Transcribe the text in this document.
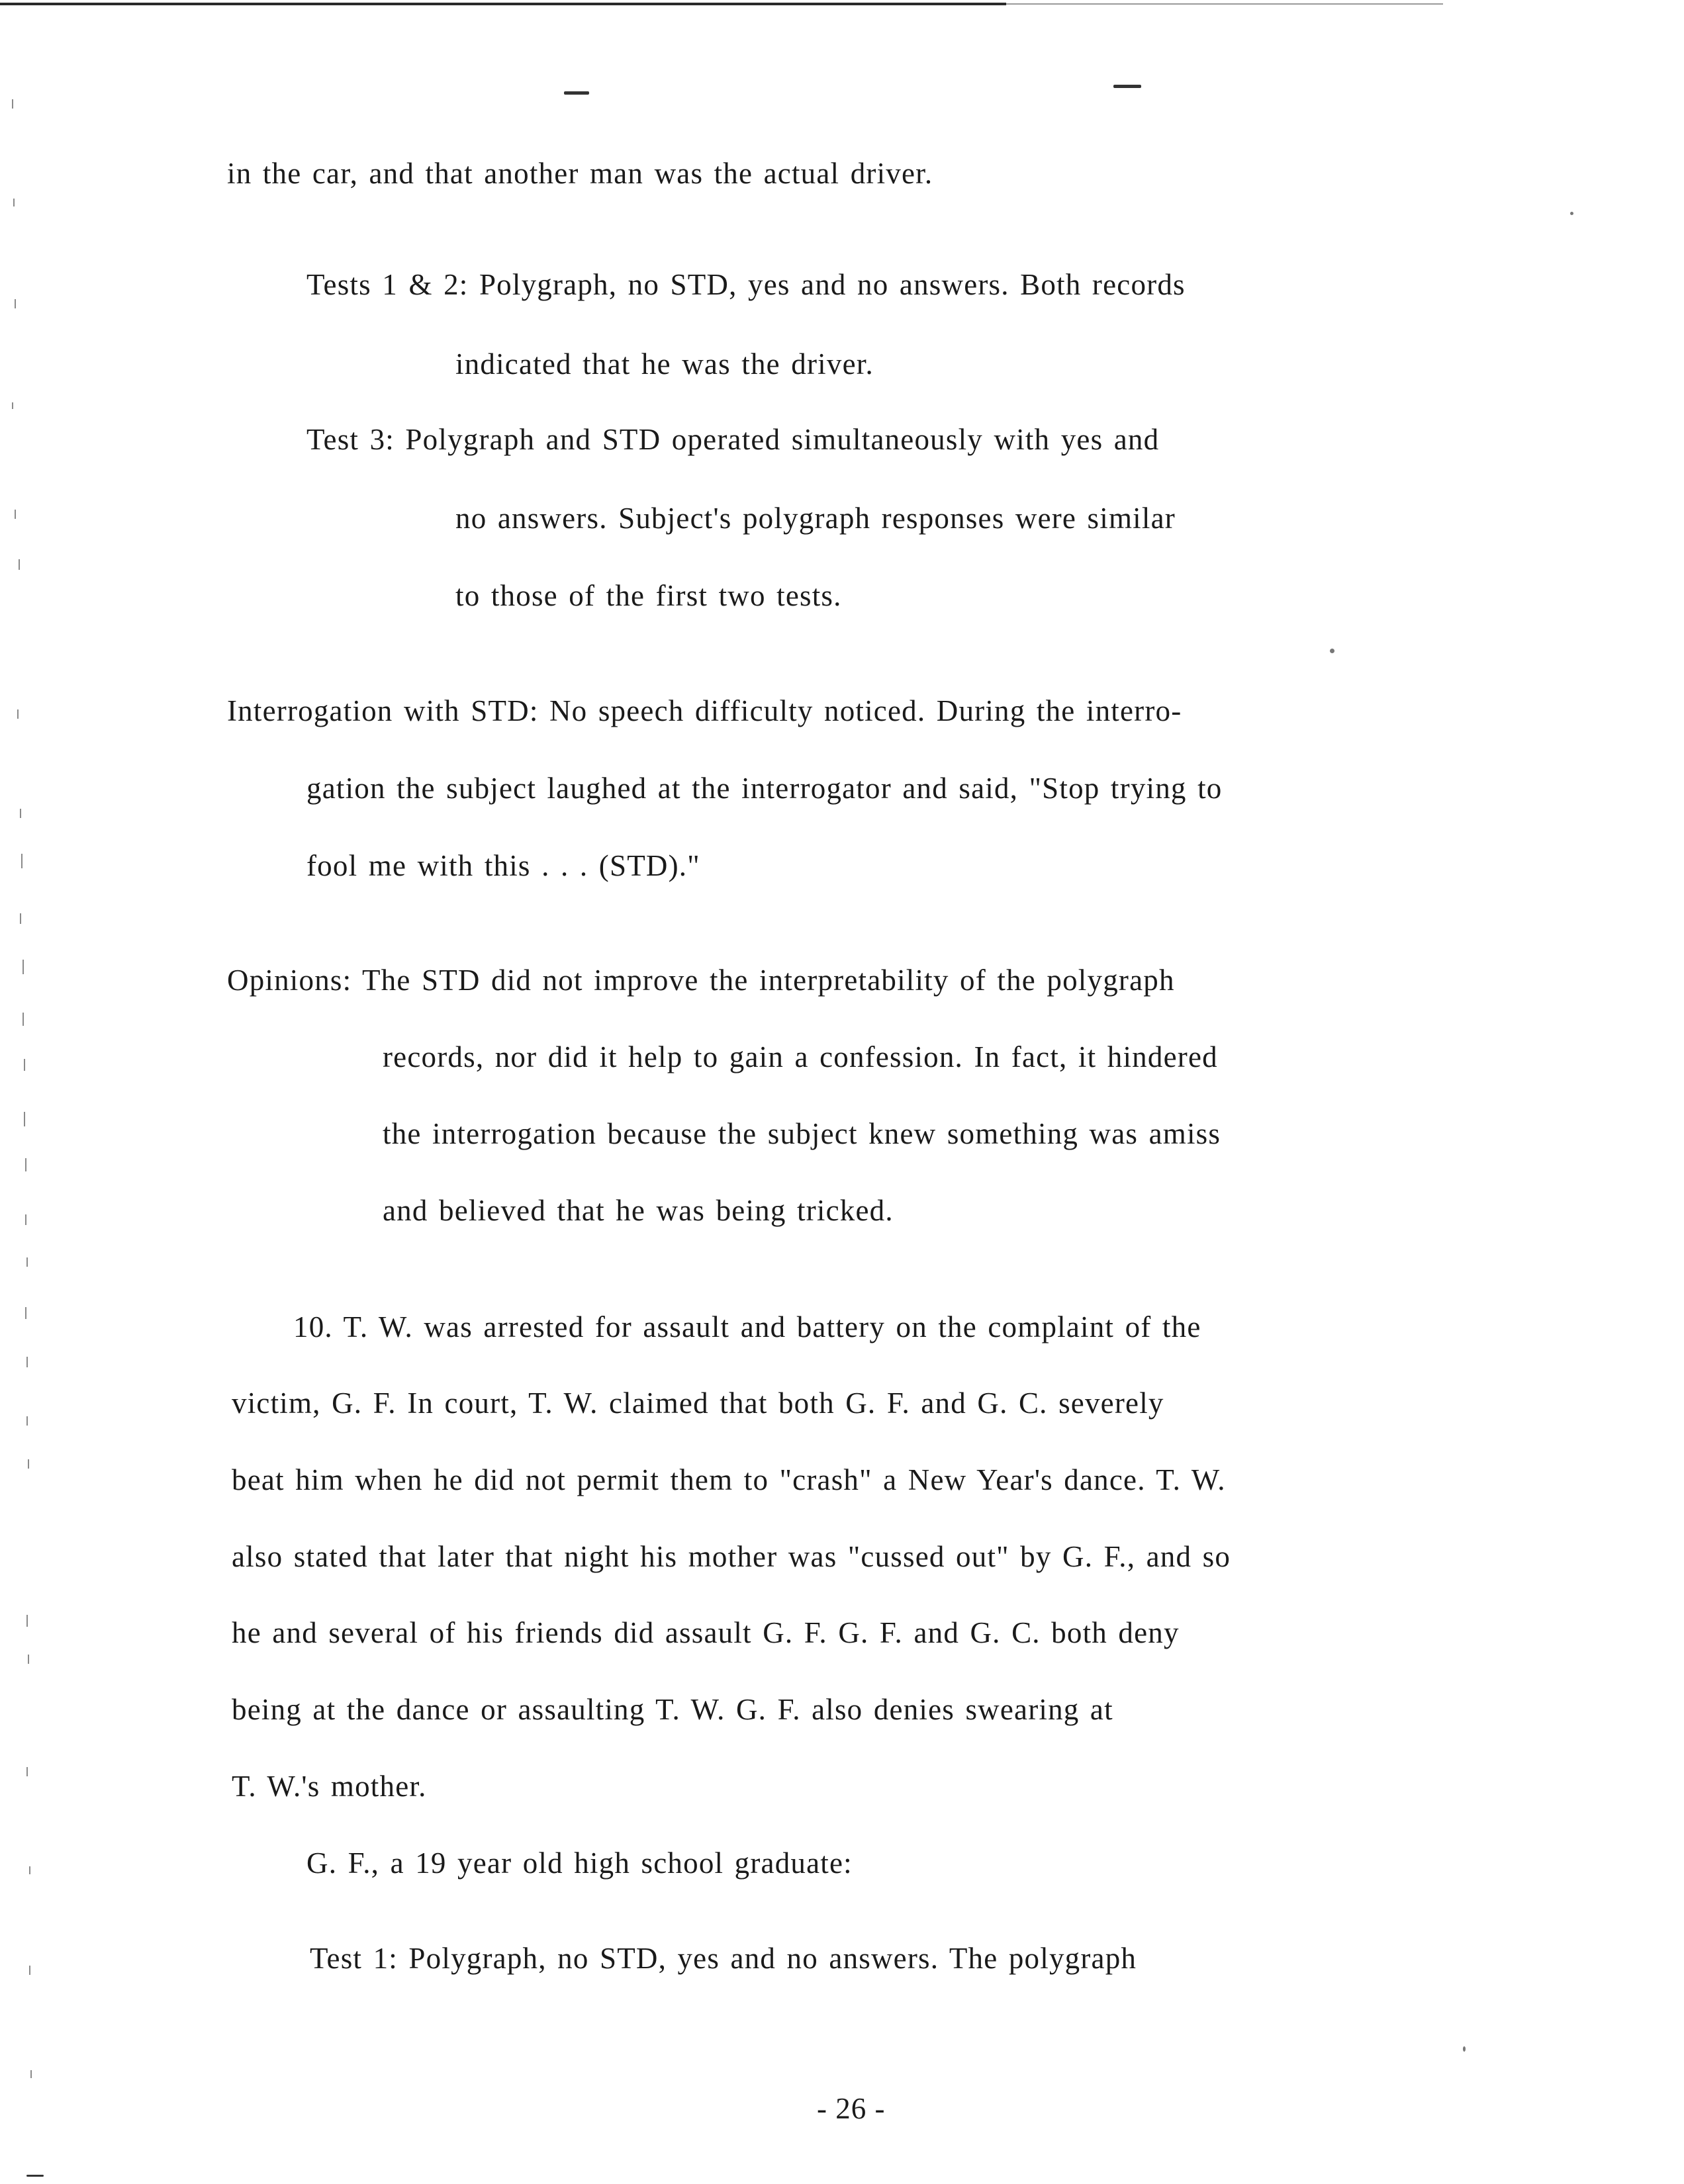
in the car, and that another man was the actual driver.
Tests 1 & 2: Polygraph, no STD, yes and no answers. Both records
indicated that he was the driver.
Test 3: Polygraph and STD operated simultaneously with yes and
no answers. Subject's polygraph responses were similar
to those of the first two tests.
Interrogation with STD: No speech difficulty noticed. During the interro-
gation the subject laughed at the interrogator and said, "Stop trying to
fool me with this . . . (STD)."
Opinions: The STD did not improve the interpretability of the polygraph
records, nor did it help to gain a confession. In fact, it hindered
the interrogation because the subject knew something was amiss
and believed that he was being tricked.
10. T. W. was arrested for assault and battery on the complaint of the
victim, G. F. In court, T. W. claimed that both G. F. and G. C. severely
beat him when he did not permit them to "crash" a New Year's dance. T. W.
also stated that later that night his mother was "cussed out" by G. F., and so
he and several of his friends did assault G. F. G. F. and G. C. both deny
being at the dance or assaulting T. W. G. F. also denies swearing at
T. W.'s mother.
G. F., a 19 year old high school graduate:
Test 1: Polygraph, no STD, yes and no answers. The polygraph
- 26 -
